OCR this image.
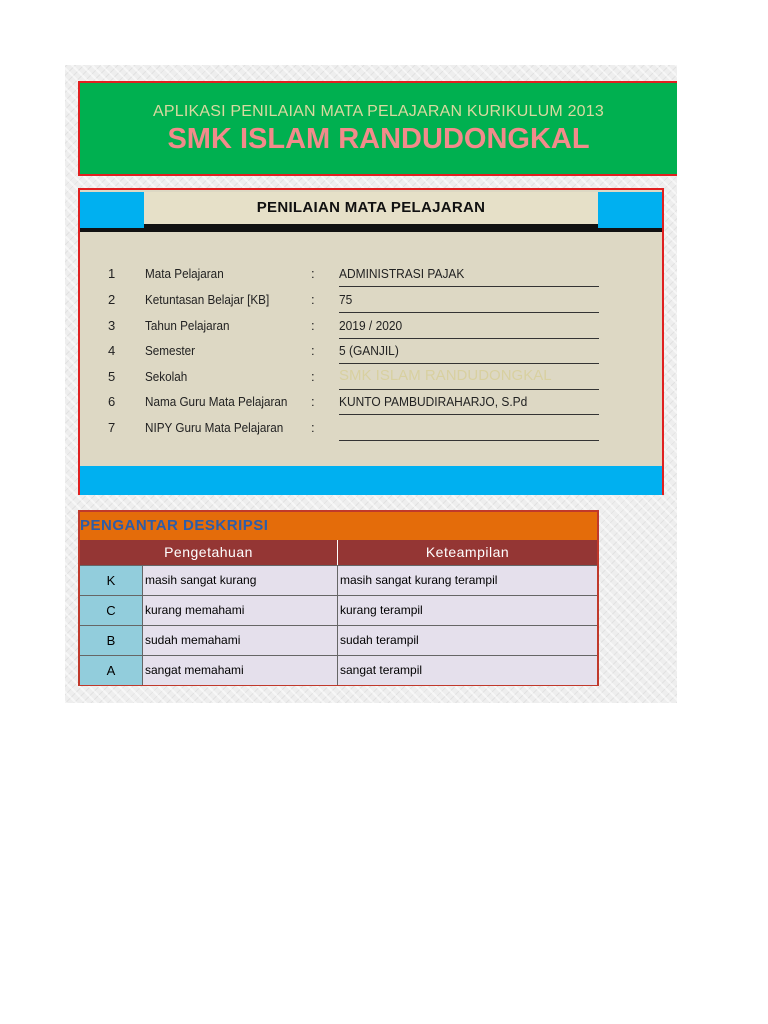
APLIKASI PENILAIAN MATA PELAJARAN KURIKULUM 2013
SMK ISLAM RANDUDONGKAL
PENILAIAN MATA PELAJARAN
1 Mata Pelajaran	: ADMINISTRASI PAJAK
2 Ketuntasan Belajar [KB]	: 75
3 Tahun Pelajaran	: 2019 / 2020
4 Semester	: 5 (GANJIL)
5 Sekolah	: SMK ISLAM RANDUDONGKAL
6 Nama Guru Mata Pelajaran : KUNTO PAMBUDIRAHARJO, S.Pd
7 NIPY Guru Mata Pelajaran :
PENGANTAR DESKRIPSI
Pengetahuan	Keteampilan
K	masih sangat kurang	masih sangat kurang terampil
C	kurang memahami	kurang terampil
B	sudah memahami	sudah terampil
A	sangat memahami	sangat terampil
